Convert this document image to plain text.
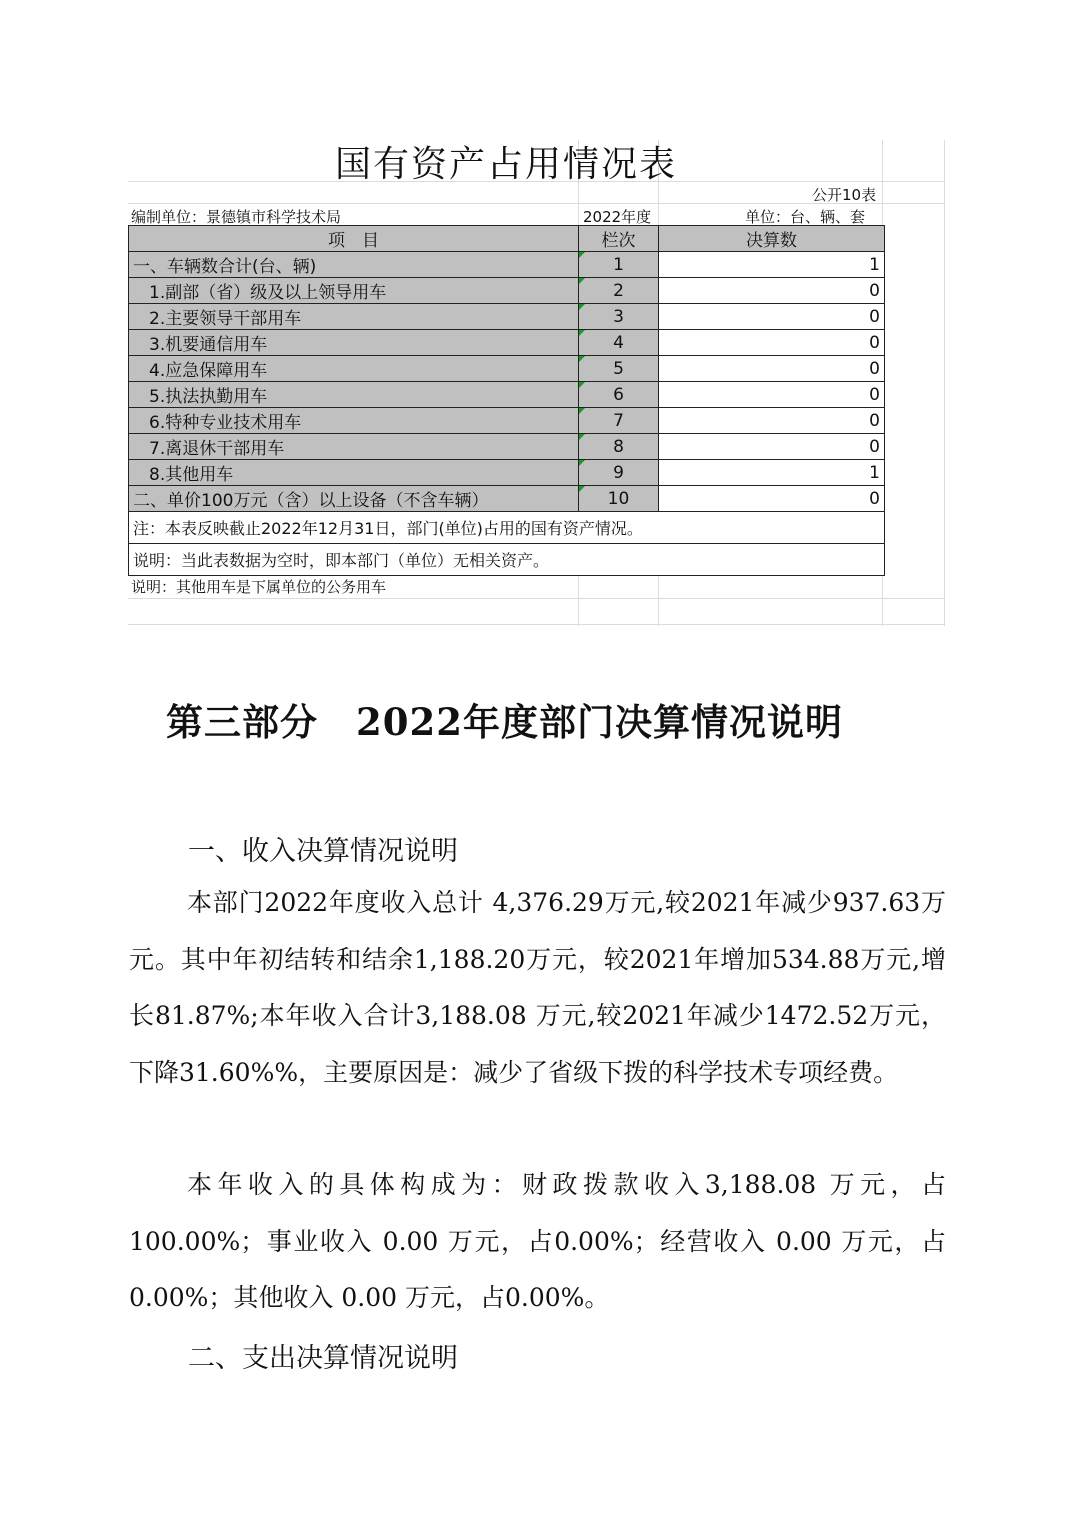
国有资产占用情况表
公开10表
编制单位：景德镇市科学技术局	2022年度	单位：台、辆、套
项　目	栏次	决算数
一、车辆数合计(台、辆)	1	1
1.副部（省）级及以上领导用车	2	0
2.主要领导干部用车	3	0
3.机要通信用车	4	0
4.应急保障用车	5	0
5.执法执勤用车	6	0
6.特种专业技术用车	7	0
7.离退休干部用车	8	0
8.其他用车	9	1
二、单价100万元（含）以上设备（不含车辆）	10	0
注：本表反映截止2022年12月31日，部门(单位)占用的国有资产情况。		
说明：当此表数据为空时，即本部门（单位）无相关资产。		
说明：其他用车是下属单位的公务用车
第三部分　2022年度部门决算情况说明
一、收入决算情况说明

本部门2022年度收入总计 4,376.29万元,较2021年减少937.63万元。其中年初结转和结余1,188.20万元，较2021年增加534.88万元,增长81.87%;本年收入合计3,188.08 万元,较2021年减少1472.52万元，下降31.60%%，主要原因是：减少了省级下拨的科学技术专项经费。

本年收入的具体构成为：财政拨款收入3,188.08 万元，占100.00%；事业收入 0.00 万元，占0.00%；经营收入 0.00 万元，占0.00%；其他收入 0.00 万元，占0.00%。

二、支出决算情况说明
